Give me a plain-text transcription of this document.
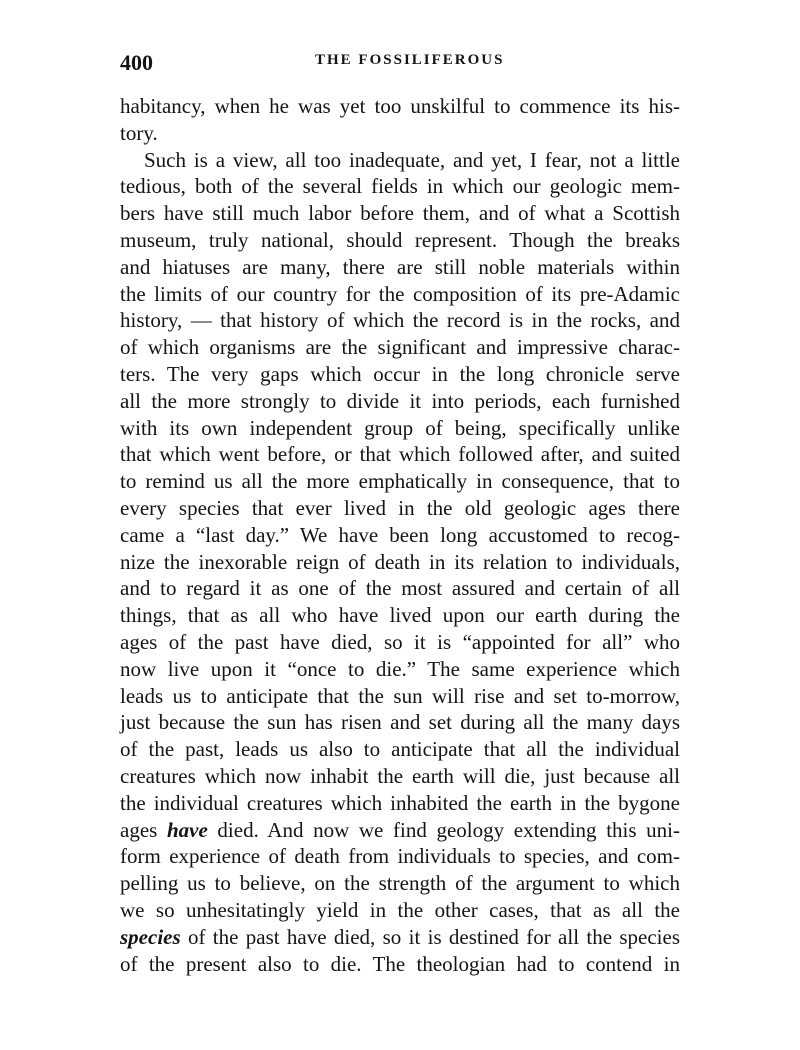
400	THE FOSSILIFEROUS
habitancy, when he was yet too unskilful to commence its his-
tory.
Such is a view, all too inadequate, and yet, I fear, not a little
tedious, both of the several fields in which our geologic mem-
bers have still much labor before them, and of what a Scottish
museum, truly national, should represent. Though the breaks
and hiatuses are many, there are still noble materials within
the limits of our country for the composition of its pre-Adamic
history, — that history of which the record is in the rocks, and
of which organisms are the significant and impressive charac-
ters. The very gaps which occur in the long chronicle serve
all the more strongly to divide it into periods, each furnished
with its own independent group of being, specifically unlike
that which went before, or that which followed after, and suited
to remind us all the more emphatically in consequence, that to
every species that ever lived in the old geologic ages there
came a “last day.” We have been long accustomed to recog-
nize the inexorable reign of death in its relation to individuals,
and to regard it as one of the most assured and certain of all
things, that as all who have lived upon our earth during the
ages of the past have died, so it is “appointed for all” who
now live upon it “once to die.” The same experience which
leads us to anticipate that the sun will rise and set to-morrow,
just because the sun has risen and set during all the many days
of the past, leads us also to anticipate that all the individual
creatures which now inhabit the earth will die, just because all
the individual creatures which inhabited the earth in the bygone
ages have died. And now we find geology extending this uni-
form experience of death from individuals to species, and com-
pelling us to believe, on the strength of the argument to which
we so unhesitatingly yield in the other cases, that as all the
species of the past have died, so it is destined for all the species
of the present also to die. The theologian had to contend in
